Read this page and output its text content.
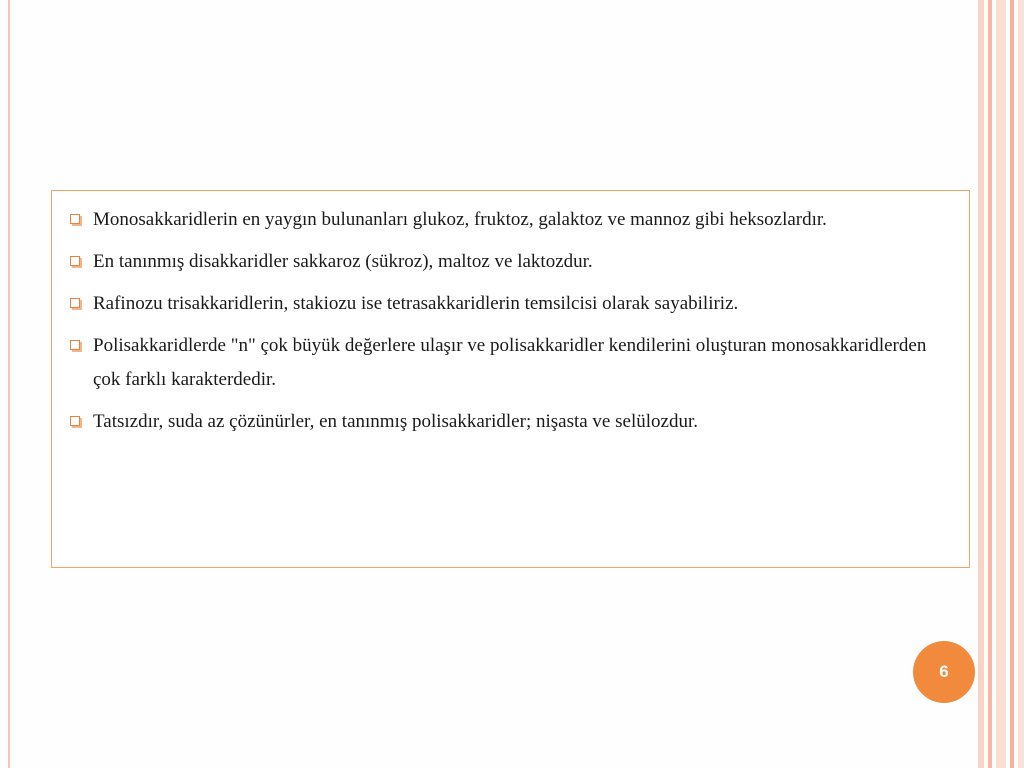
Monosakkaridlerin en yaygın bulunanları glukoz, fruktoz, galaktoz ve mannoz gibi heksozlardır.
En tanınmış disakkaridler sakkaroz (sükroz), maltoz ve laktozdur.
Rafinozu trisakkaridlerin, stakiozu ise tetrasakkaridlerin temsilcisi olarak sayabiliriz.
Polisakkaridlerde "n" çok büyük değerlere ulaşır ve polisakkaridler kendilerini oluşturan monosakkaridlerden çok farklı karakterdedir.
Tatsızdır, suda az çözünürler, en tanınmış polisakkaridler; nişasta ve selülozdur.
6
